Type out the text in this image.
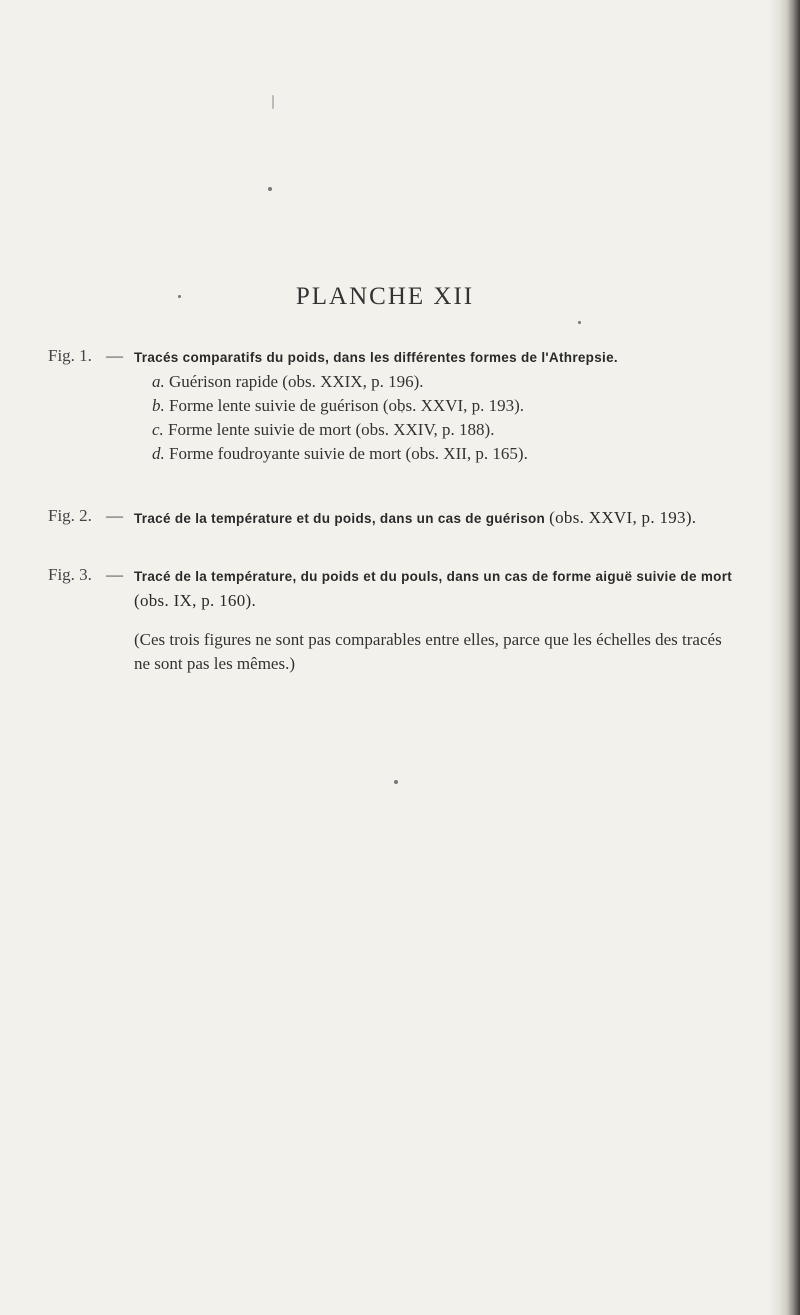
PLANCHE XII
Fig. 1. — Tracés comparatifs du poids, dans les différentes formes de l'Athrepsie.
a. Guérison rapide (obs. XXIX, p. 196).
b. Forme lente suivie de guérison (obs. XXVI, p. 193).
c. Forme lente suivie de mort (obs. XXIV, p. 188).
d. Forme foudroyante suivie de mort (obs. XII, p. 165).
Fig. 2. — Tracé de la température et du poids, dans un cas de guérison (obs. XXVI, p. 193).
Fig. 3. — Tracé de la température, du poids et du pouls, dans un cas de forme aiguë suivie de mort (obs. IX, p. 160).
(Ces trois figures ne sont pas comparables entre elles, parce que les échelles des tracés ne sont pas les mêmes.)
